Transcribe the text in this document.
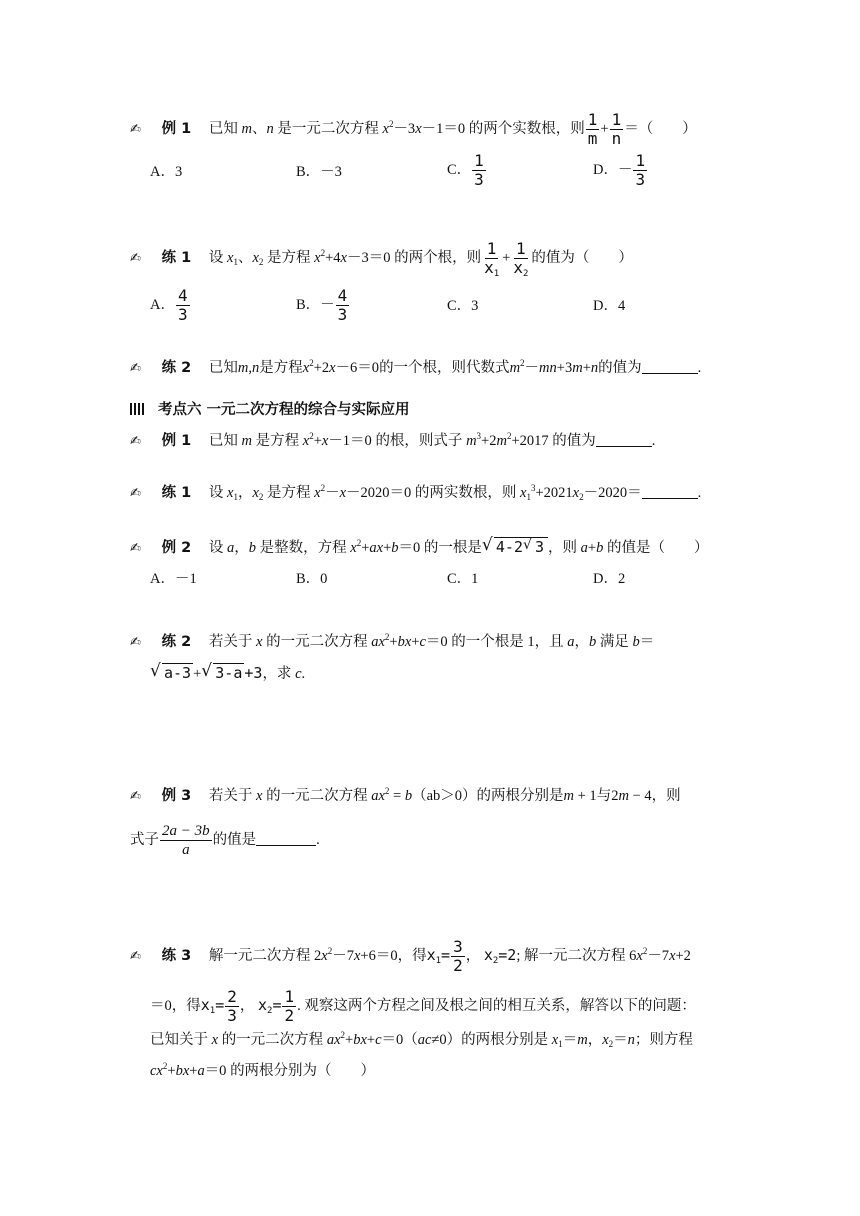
✍ 例 1 已知 m、n 是一元二次方程 $x^2-3x-1=0$ 的两个实数根，则 $\frac{1}{m} + \frac{1}{n}$ ＝（　　）
A．3	B．－3	C． $\frac{1}{3}$	D．－ $\frac{1}{3}$
✍ 练 1 设 $x_1$、$x_2$ 是方程 $x^2+4x-3=0$ 的两个根，则 $\frac{1}{x_1} + \frac{1}{x_2}$ 的值为（　　）
A． $\frac{4}{3}$	B．－ $\frac{4}{3}$	C．3	D．4
✍ 练 2 已知m,n是方程$x^2+2x-6=0$的一个根，则代数式$m^2-mn+3m+n$的值为	.
考点六 一元二次方程的综合与实际应用
✍ 例 1 已知 m 是方程 $x^2+x-1=0$ 的根，则式子 $m^3+2m^2+2017$ 的值为	.
✍ 练 1 设 $x_1$，$x_2$ 是方程 $x^2-x-2020=0$ 的两实数根，则 $x_1^3+2021x_2-2020=$	.
✍ 例 2 设 a，b 是整数，方程 $x^2+ax+b=0$ 的一根是 √ 4-2 √ 3 ，则 a+b 的值是（　　）
A．－1	B．0	C．1	D．2
✍ 练 2 若关于 x 的一元二次方程 $ax^2+bx+c=0$ 的一个根是 1，且 a，b 满足 b＝
√ a-3 + √ 3-a +3，求 c.
✍ 例 3 若关于 x 的一元二次方程 $ax^2 = b(ab>0)$的两根分别是m + 1与2m − 4，则
式子 $\frac{2a - 3b}{a}$ 的值是	.
✍ 练 3 解一元二次方程 $2x^2-7x+6=0$，得$x_1= \frac{3}{2}$ ， $x_2=2$; 解一元二次方程 $6x^2-7x+2$
＝0，得$x_1= \frac{2}{3}$ ， $x_2= \frac{1}{2}$ . 观察这两个方程之间及根之间的相互关系，解答以下的问题：
已知关于 x 的一元二次方程 $ax^2+bx+c=0(ac\ne 0)$的两根分别是 $x_1=m$，$x_2=n$；则方程
$cx^2+bx+a=0$ 的两根分别为（　　）
